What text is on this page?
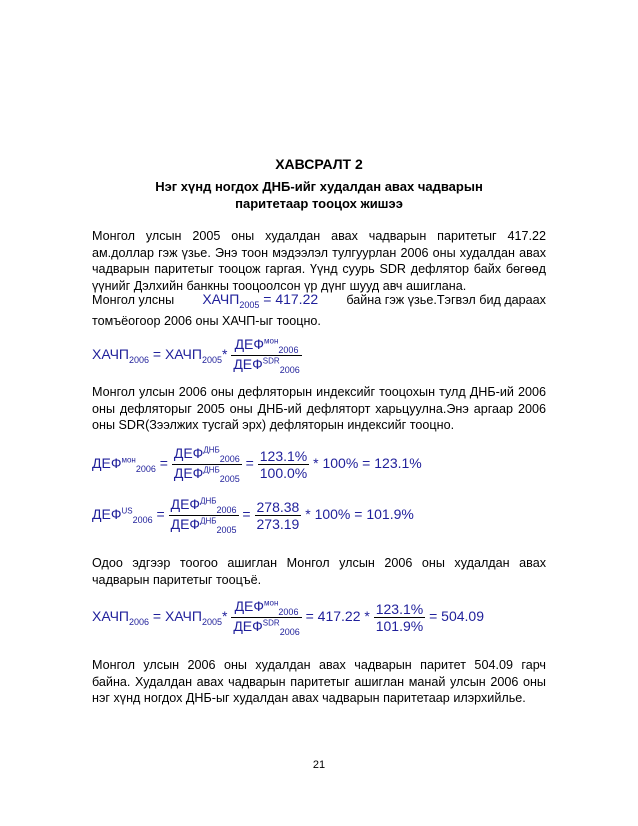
ХАВСРАЛТ 2
Нэг хүнд ногдох ДНБ-ийг худалдан авах чадварын
паритетаар тооцох жишээ
Монгол улсын 2005 оны худалдан авах чадварын паритетыг 417.22
ам.доллар гэж үзье. Энэ тоон мэдээлэл тулгуурлан 2006 оны худалдан авах
чадварын паритетыг тооцож гаргая. Үүнд суурь SDR дефлятор байх бөгөөд
үүнийг Дэлхийн банкны тооцоолсон үр дүнг шууд авч ашиглана.
Монгол улсны $ХАЧП_{2005} = 417.22$ байна гэж үзье.Тэгвэл бид дараах
томъёогоор 2006 оны ХАЧП-ыг тооцно.
$ХАЧП_{2006}$ = $ХАЧП_{2005}* \frac{ДЕФ^{мон}_{2006}}{ДЕФ^{SDR}_{2006}}$
Монгол улсын 2006 оны дефляторын индексийг тооцохын тулд ДНБ-ий 2006
оны дефляторыг 2005 оны ДНБ-ий дефляторт харьцуулна.Энэ аргаар 2006
оны SDR(Зээлжих тусгай эрх) дефляторын индексийг тооцно.
$ДЕФ^{мон}_{2006} = \frac{ДЕФ^{ДНБ}_{2006}}{ДЕФ^{ДНБ}_{2005}} = \frac{123.1\%}{100.0\%} * 100\% = 123.1\%$
$ДЕФ^{US}_{2006} = \frac{ДЕФ^{ДНБ}_{2006}}{ДЕФ^{ДНБ}_{2005}} = \frac{278.38}{273.19} * 100\% = 101.9\%$
Одоо эдгээр тоогоо ашиглан Монгол улсын 2006 оны худалдан авах
чадварын паритетыг тооцъё.
$ХАЧП_{2006}$ = $ХАЧП_{2005}* \frac{ДЕФ^{мон}_{2006}}{ДЕФ^{SDR}_{2006}} = 417.22 * \frac{123.1\%}{101.9\%} = 504.09$
Монгол улсын 2006 оны худалдан авах чадварын паритет 504.09 гарч
байна. Худалдан авах чадварын паритетыг ашиглан манай улсын 2006 оны
нэг хүнд ногдох ДНБ-ыг худалдан авах чадварын паритетаар илэрхийлье.
21
